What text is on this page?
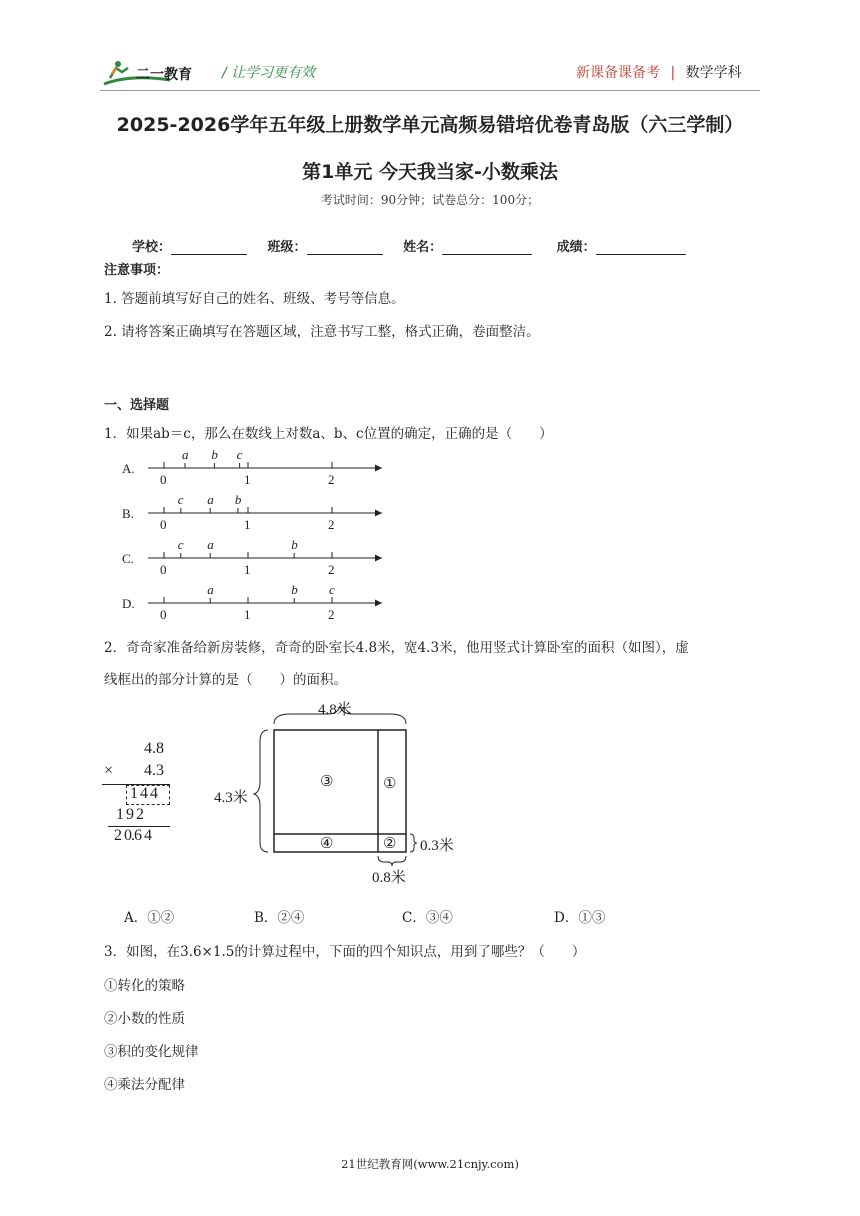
二一教育 / 让学习更有效	新课备课备考 | 数学学科
2025-2026学年五年级上册数学单元高频易错培优卷青岛版（六三学制）
第1单元 今天我当家-小数乘法
考试时间：90分钟；试卷总分：100分；
学校：	班级：	姓名：	成绩：
注意事项：
1. 答题前填写好自己的姓名、班级、考号等信息。
2. 请将答案正确填写在答题区域，注意书写工整，格式正确，卷面整洁。
一、选择题
1．如果ab＝c，那么在数线上对数a、b、c位置的确定，正确的是（　　）
A.
0	1	2
a b c
B.
0	1	2
c a b
C.
0	1	2
c a	b
D.
0	1	2
a	b c
2．奇奇家准备给新房装修，奇奇的卧室长4.8米，宽4.3米，他用竖式计算卧室的面积（如图），虚
线框出的部分计算的是（　　）的面积。
4.8
× 4.3
1 4 4
1 9 2
2 0.6 4
4.8米
4.3米
0.3米
0.8米
③	①
④	②
A．①②	B．②④	C．③④	D．①③
3．如图，在3.6×1.5的计算过程中，下面的四个知识点，用到了哪些？（　　）
①转化的策略
②小数的性质
③积的变化规律
④乘法分配律
21世纪教育网(www.21cnjy.com)
